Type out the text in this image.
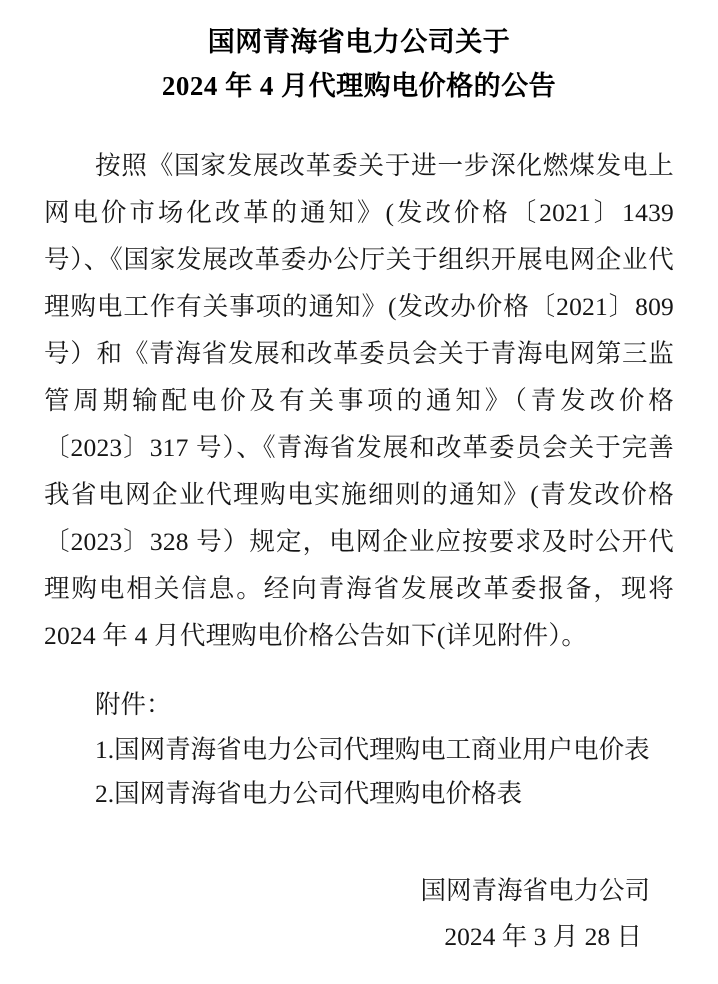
国网青海省电力公司关于
2024 年 4 月代理购电价格的公告

按照《国家发展改革委关于进一步深化燃煤发电上网电价市场化改革的通知》(发改价格〔2021〕1439 号）、《国家发展改革委办公厅关于组织开展电网企业代理购电工作有关事项的通知》(发改办价格〔2021〕809 号）和《青海省发展和改革委员会关于青海电网第三监管周期输配电价及有关事项的通知》（青发改价格〔2023〕317 号）、《青海省发展和改革委员会关于完善我省电网企业代理购电实施细则的通知》(青发改价格〔2023〕328 号）规定，电网企业应按要求及时公开代理购电相关信息。经向青海省发展改革委报备，现将 2024 年 4 月代理购电价格公告如下(详见附件）。

附件：

1.国网青海省电力公司代理购电工商业用户电价表
2.国网青海省电力公司代理购电价格表
国网青海省电力公司
2024 年 3 月 28 日
